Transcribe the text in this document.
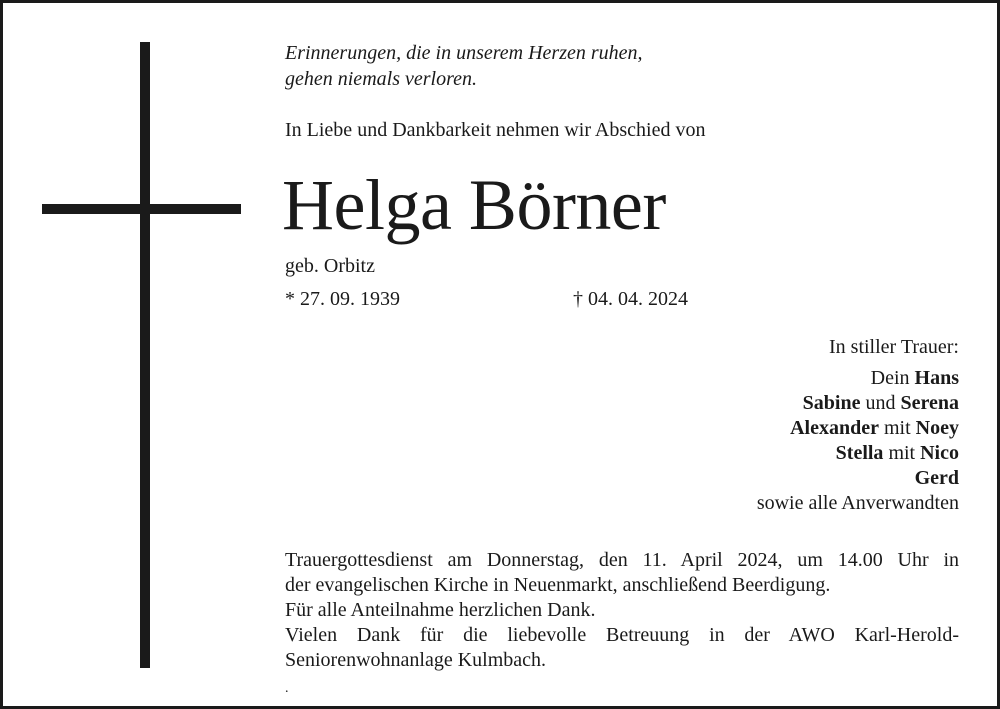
Erinnerungen, die in unserem Herzen ruhen,
gehen niemals verloren.
In Liebe und Dankbarkeit nehmen wir Abschied von
Helga Börner
geb. Orbitz
* 27. 09. 1939	† 04. 04. 2024
In stiller Trauer:
Dein Hans
Sabine und Serena
Alexander mit Noey
Stella mit Nico
Gerd
sowie alle Anverwandten
Trauergottesdienst am Donnerstag, den 11. April 2024, um 14.00 Uhr in
der evangelischen Kirche in Neuenmarkt, anschließend Beerdigung.
Für alle Anteilnahme herzlichen Dank.
Vielen Dank für die liebevolle Betreuung in der AWO Karl-Herold-
Seniorenwohnanlage Kulmbach.
.
